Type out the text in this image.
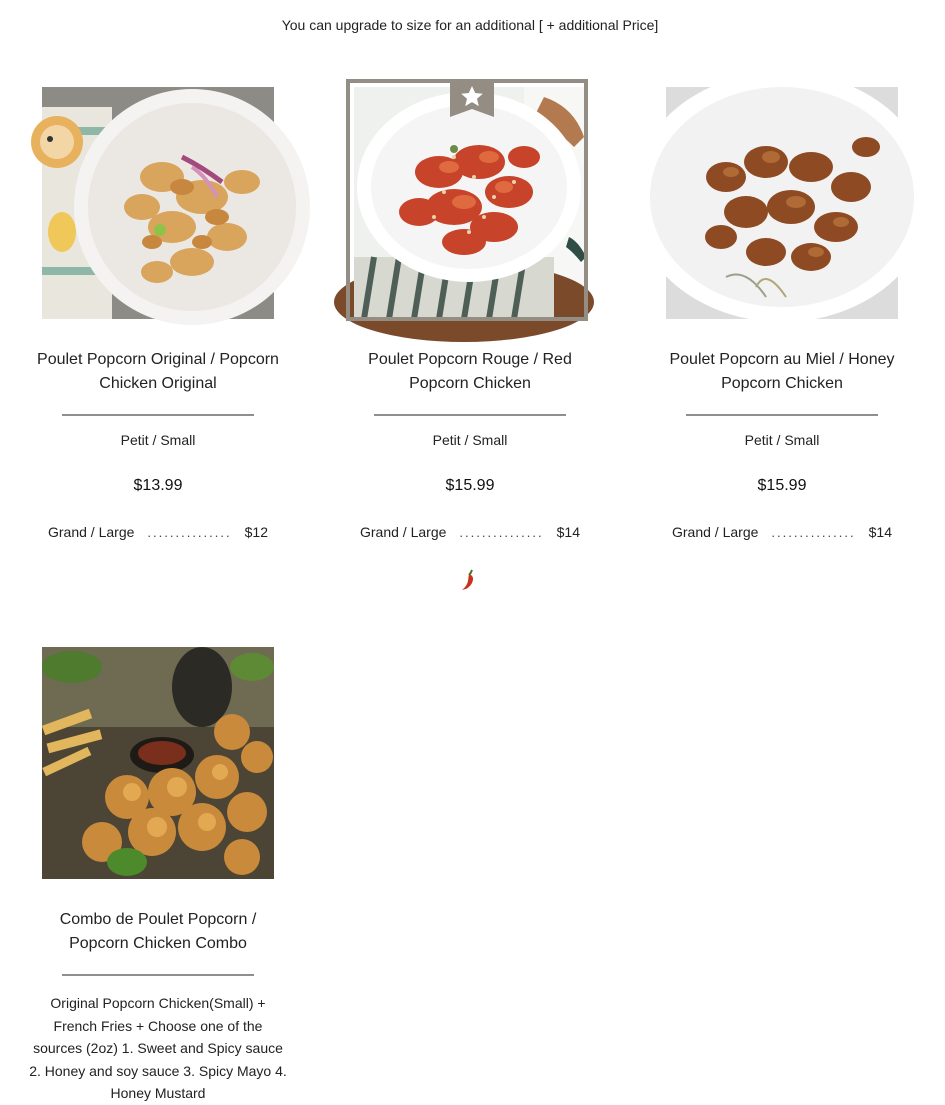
You can upgrade to size for an additional [ + additional Price]
Poulet Popcorn Original / Popcorn Chicken Original
Petit / Small
$13.99
Grand / Large	............... $12
Poulet Popcorn Rouge / Red Popcorn Chicken
Petit / Small
$15.99
Grand / Large	............... $14
Poulet Popcorn au Miel / Honey Popcorn Chicken
Petit / Small
$15.99
Grand / Large	............... $14
Combo de Poulet Popcorn / Popcorn Chicken Combo
Original Popcorn Chicken(Small) + French Fries + Choose one of the sources (2oz) 1. Sweet and Spicy sauce 2. Honey and soy sauce 3. Spicy Mayo 4. Honey Mustard
